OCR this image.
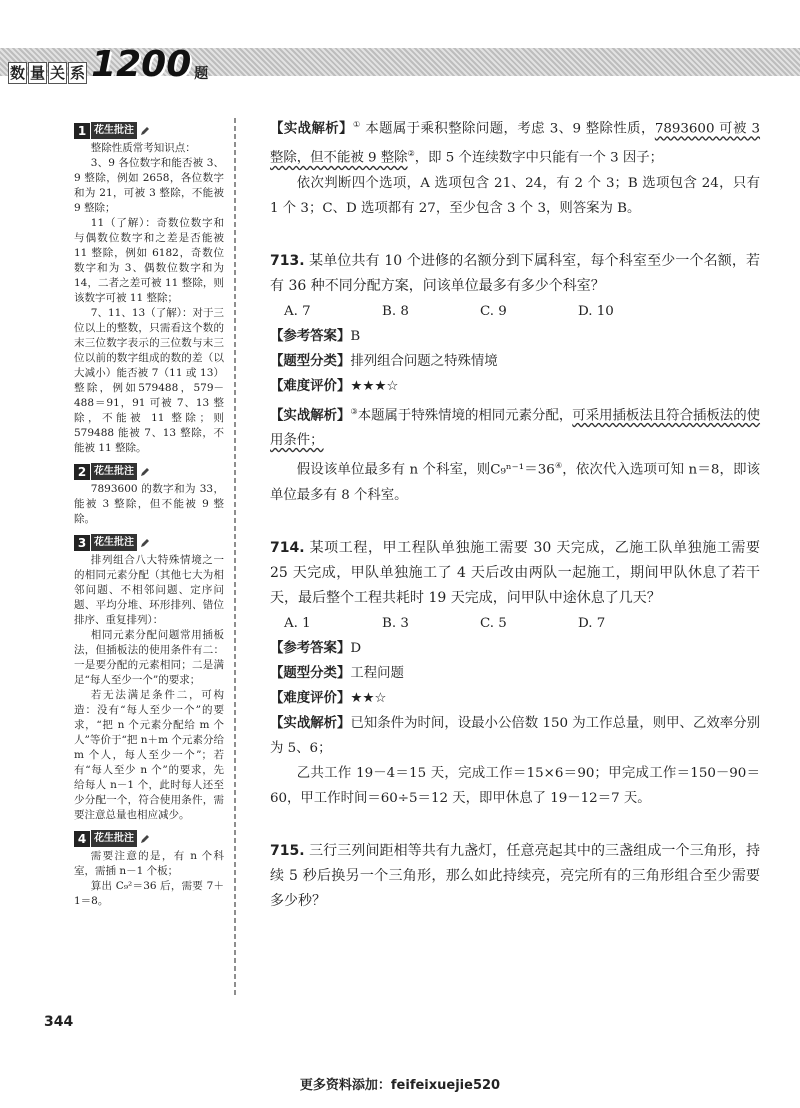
数 量 关 系 1200 题
1 花生批注

整除性质常考知识点：

3、9 各位数字和能否被 3、9 整除，例如 2658，各位数字和为 21，可被 3 整除，不能被 9 整除；

11（了解）：奇数位数字和与偶数位数字和之差是否能被 11 整除，例如 6182，奇数位数字和为 3、偶数位数字和为 14，二者之差可被 11 整除，则该数字可被 11 整除；

7、11、13（了解）：对于三位以上的整数，只需看这个数的末三位数字表示的三位数与末三位以前的数字组成的数的差（以大减小）能否被 7（11 或 13）整除，例如579488，579－488＝91，91 可被 7、13 整除，不能被 11 整除；则 579488 能被 7、13 整除，不能被 11 整除。

2 花生批注

7893600 的数字和为 33，能被 3 整除，但不能被 9 整除。

3 花生批注

排列组合八大特殊情境之一的相同元素分配（其他七大为相邻问题、不相邻问题、定序问题、平均分堆、环形排列、错位排序、重复排列）：

相同元素分配问题常用插板法，但插板法的使用条件有二：一是要分配的元素相同；二是满足“每人至少一个”的要求；

若无法满足条件二，可构造：没有“每人至少一个”的要求，“把 n 个元素分配给 m 个人”等价于“把 n＋m 个元素分给 m 个人，每人至少一个”；若有“每人至少 n 个”的要求，先给每人 n－1 个，此时每人还至少分配一个，符合使用条件，需要注意总量也相应减少。

4 花生批注

需要注意的是，有 n 个科室，需插 n－1 个板；

算出 C₉²＝36 后，需要 7＋1＝8。

【实战解析】① 本题属于乘积整除问题，考虑 3、9 整除性质，7893600 可被 3 整除，但不能被 9 整除②，即 5 个连续数字中只能有一个 3 因子；

依次判断四个选项，A 选项包含 21、24，有 2 个 3；B 选项包含 24，只有 1 个 3；C、D 选项都有 27，至少包含 3 个 3，则答案为 B。

713. 某单位共有 10 个进修的名额分到下属科室，每个科室至少一个名额，若有 36 种不同分配方案，问该单位最多有多少个科室？

A. 7	B. 8	C. 9	D. 10

【参考答案】B

【题型分类】排列组合问题之特殊情境

【难度评价】★★★☆

【实战解析】③本题属于特殊情境的相同元素分配，可采用插板法且符合插板法的使用条件；

假设该单位最多有 n 个科室，则C₉ⁿ⁻¹＝36④，依次代入选项可知 n＝8，即该单位最多有 8 个科室。

714. 某项工程，甲工程队单独施工需要 30 天完成，乙施工队单独施工需要 25 天完成，甲队单独施工了 4 天后改由两队一起施工，期间甲队休息了若干天，最后整个工程共耗时 19 天完成，问甲队中途休息了几天？

A. 1	B. 3	C. 5	D. 7

【参考答案】D

【题型分类】工程问题

【难度评价】★★☆

【实战解析】已知条件为时间，设最小公倍数 150 为工作总量，则甲、乙效率分别为 5、6；

乙共工作 19－4＝15 天，完成工作＝15×6＝90；甲完成工作＝150－90＝60，甲工作时间＝60÷5＝12 天，即甲休息了 19－12＝7 天。

715. 三行三列间距相等共有九盏灯，任意亮起其中的三盏组成一个三角形，持续 5 秒后换另一个三角形，那么如此持续亮，亮完所有的三角形组合至少需要多少秒？

344
更多资料添加：feifeixuejie520
